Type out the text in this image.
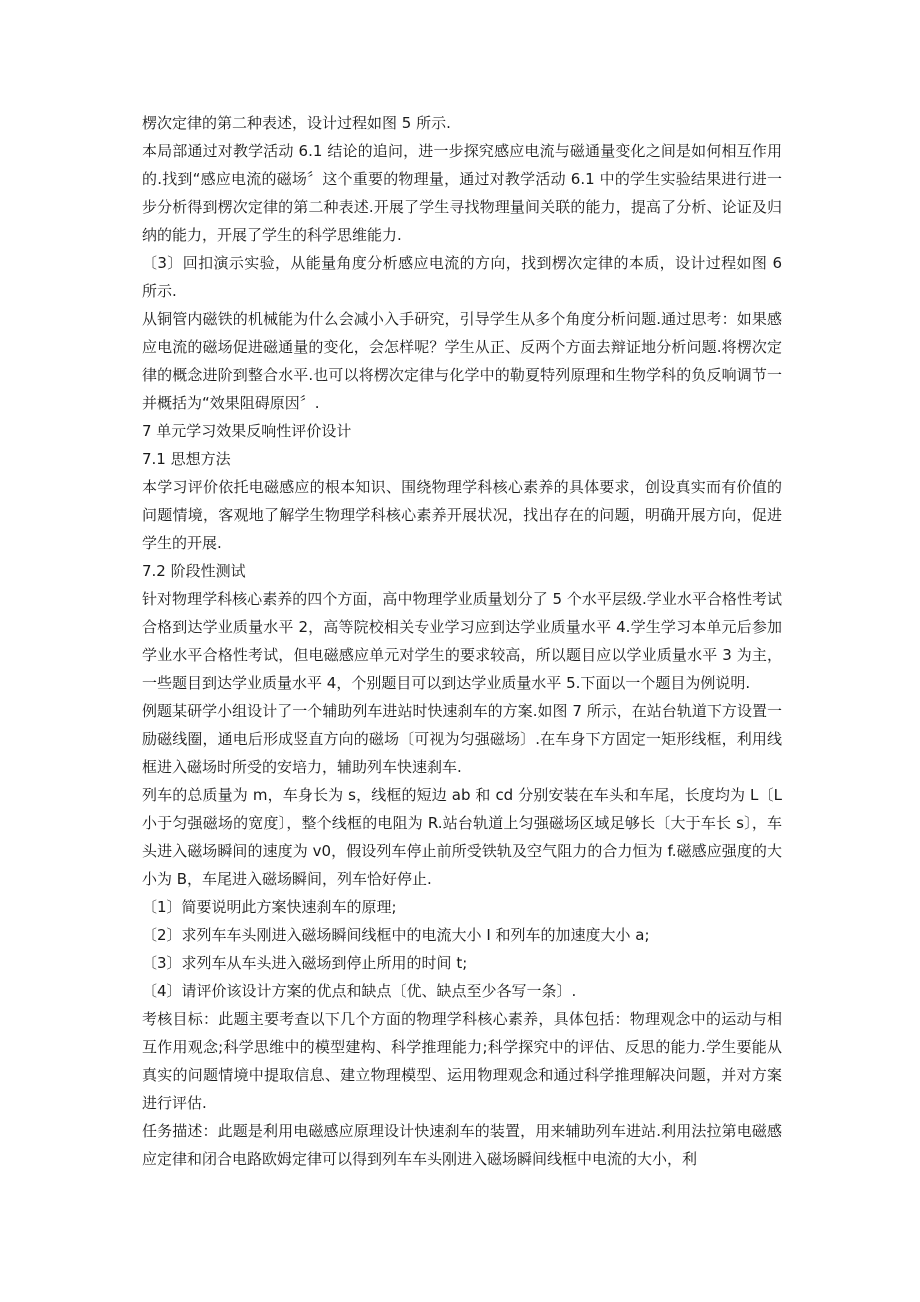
楞次定律的第二种表述，设计过程如图 5 所示.

本局部通过对教学活动 6.1 结论的追问，进一步探究感应电流与磁通量变化之间是如何相互作用的.找到“感应电流的磁场〞这个重要的物理量，通过对教学活动 6.1 中的学生实验结果进行进一步分析得到楞次定律的第二种表述.开展了学生寻找物理量间关联的能力，提高了分析、论证及归纳的能力，开展了学生的科学思维能力.

〔3〕回扣演示实验，从能量角度分析感应电流的方向，找到楞次定律的本质，设计过程如图 6 所示.

从铜管内磁铁的机械能为什么会减小入手研究，引导学生从多个角度分析问题.通过思考：如果感应电流的磁场促进磁通量的变化，会怎样呢？学生从正、反两个方面去辩证地分析问题.将楞次定律的概念进阶到整合水平.也可以将楞次定律与化学中的勒夏特列原理和生物学科的负反响调节一并概括为“效果阻碍原因〞.

7 单元学习效果反响性评价设计

7.1 思想方法

本学习评价依托电磁感应的根本知识、围绕物理学科核心素养的具体要求，创设真实而有价值的问题情境，客观地了解学生物理学科核心素养开展状况，找出存在的问题，明确开展方向，促进学生的开展.

7.2 阶段性测试

针对物理学科核心素养的四个方面，高中物理学业质量划分了 5 个水平层级.学业水平合格性考试合格到达学业质量水平 2，高等院校相关专业学习应到达学业质量水平 4.学生学习本单元后参加学业水平合格性考试，但电磁感应单元对学生的要求较高，所以题目应以学业质量水平 3 为主，一些题目到达学业质量水平 4，个别题目可以到达学业质量水平 5.下面以一个题目为例说明.

例题某研学小组设计了一个辅助列车进站时快速刹车的方案.如图 7 所示，在站台轨道下方设置一励磁线圈，通电后形成竖直方向的磁场〔可视为匀强磁场〕.在车身下方固定一矩形线框，利用线框进入磁场时所受的安培力，辅助列车快速刹车.

列车的总质量为 m，车身长为 s，线框的短边 ab 和 cd 分别安装在车头和车尾，长度均为 L〔L 小于匀强磁场的宽度〕，整个线框的电阻为 R.站台轨道上匀强磁场区域足够长〔大于车长 s〕，车头进入磁场瞬间的速度为 v0，假设列车停止前所受铁轨及空气阻力的合力恒为 f.磁感应强度的大小为 B，车尾进入磁场瞬间，列车恰好停止.

〔1〕简要说明此方案快速刹车的原理;

〔2〕求列车车头刚进入磁场瞬间线框中的电流大小 I 和列车的加速度大小 a;

〔3〕求列车从车头进入磁场到停止所用的时间 t;

〔4〕请评价该设计方案的优点和缺点〔优、缺点至少各写一条〕.

考核目标：此题主要考查以下几个方面的物理学科核心素养，具体包括：物理观念中的运动与相互作用观念;科学思维中的模型建构、科学推理能力;科学探究中的评估、反思的能力.学生要能从真实的问题情境中提取信息、建立物理模型、运用物理观念和通过科学推理解决问题，并对方案进行评估.

任务描述：此题是利用电磁感应原理设计快速刹车的装置，用来辅助列车进站.利用法拉第电磁感应定律和闭合电路欧姆定律可以得到列车车头刚进入磁场瞬间线框中电流的大小，利
